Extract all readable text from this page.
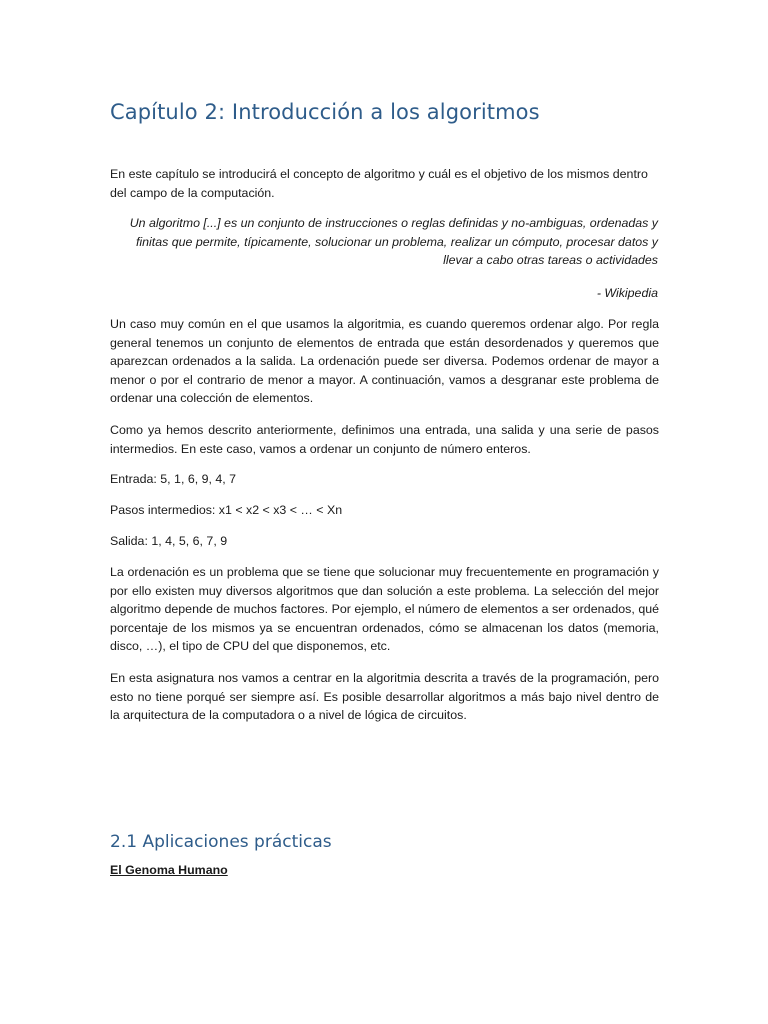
Capítulo 2: Introducción a los algoritmos

En este capítulo se introducirá el concepto de algoritmo y cuál es el objetivo de los mismos dentro del campo de la computación.

Un algoritmo [...] es un conjunto de instrucciones o reglas definidas y no-ambiguas, ordenadas y finitas que permite, típicamente, solucionar un problema, realizar un cómputo, procesar datos y llevar a cabo otras tareas o actividades

- Wikipedia

Un caso muy común en el que usamos la algoritmia, es cuando queremos ordenar algo. Por regla general tenemos un conjunto de elementos de entrada que están desordenados y queremos que aparezcan ordenados a la salida. La ordenación puede ser diversa. Podemos ordenar de mayor a menor o por el contrario de menor a mayor. A continuación, vamos a desgranar este problema de ordenar una colección de elementos.

Como ya hemos descrito anteriormente, definimos una entrada, una salida y una serie de pasos intermedios. En este caso, vamos a ordenar un conjunto de número enteros.

Entrada: 5, 1, 6, 9, 4, 7

Pasos intermedios: x1 < x2 < x3 < … < Xn

Salida: 1, 4, 5, 6, 7, 9

La ordenación es un problema que se tiene que solucionar muy frecuentemente en programación y por ello existen muy diversos algoritmos que dan solución a este problema. La selección del mejor algoritmo depende de muchos factores. Por ejemplo, el número de elementos a ser ordenados, qué porcentaje de los mismos ya se encuentran ordenados, cómo se almacenan los datos (memoria, disco, …), el tipo de CPU del que disponemos, etc.

En esta asignatura nos vamos a centrar en la algoritmia descrita a través de la programación, pero esto no tiene porqué ser siempre así. Es posible desarrollar algoritmos a más bajo nivel dentro de la arquitectura de la computadora o a nivel de lógica de circuitos.

2.1 Aplicaciones prácticas

El Genoma Humano
